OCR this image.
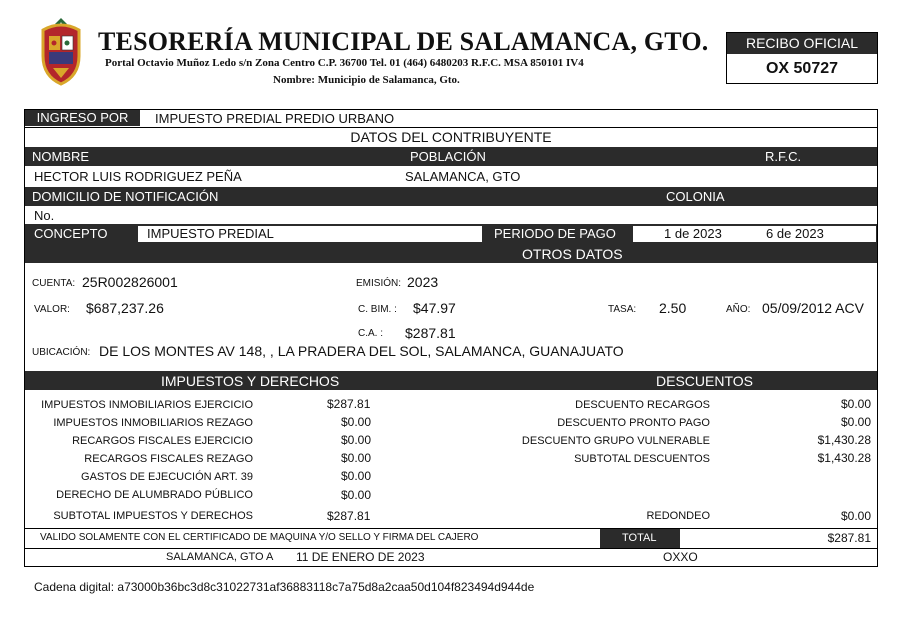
TESORERÍA MUNICIPAL DE SALAMANCA, GTO.
Portal Octavio Muñoz Ledo s/n Zona Centro C.P. 36700 Tel. 01 (464) 6480203 R.F.C. MSA 850101 IV4
Nombre: Municipio de Salamanca, Gto.
RECIBO OFICIAL
OX 50727
INGRESO POR	IMPUESTO PREDIAL PREDIO URBANO
DATOS DEL CONTRIBUYENTE
NOMBRE	POBLACIÓN	R.F.C.
HECTOR LUIS RODRIGUEZ PEÑA	SALAMANCA, GTO
DOMICILIO DE NOTIFICACIÓN	COLONIA
No.
CONCEPTO	IMPUESTO PREDIAL	PERIODO DE PAGO	1 de 2023	6 de 2023
OTROS DATOS
CUENTA: 25R002826001	EMISIÓN: 2023
VALOR: $687,237.26	C. BIM. : $47.97	TASA: 2.50	AÑO: 05/09/2012 ACV
C.A. : $287.81
UBICACIÓN: DE LOS MONTES AV 148, , LA PRADERA DEL SOL, SALAMANCA, GUANAJUATO
IMPUESTOS Y DERECHOS	DESCUENTOS
IMPUESTOS INMOBILIARIOS EJERCICIO	$287.81
IMPUESTOS INMOBILIARIOS REZAGO	$0.00
RECARGOS FISCALES EJERCICIO	$0.00
RECARGOS FISCALES REZAGO	$0.00
GASTOS DE EJECUCIÓN ART. 39	$0.00
DERECHO DE ALUMBRADO PÚBLICO	$0.00
SUBTOTAL IMPUESTOS Y DERECHOS	$287.81
DESCUENTO RECARGOS	$0.00
DESCUENTO PRONTO PAGO	$0.00
DESCUENTO GRUPO VULNERABLE	$1,430.28
SUBTOTAL DESCUENTOS	$1,430.28
REDONDEO	$0.00
VALIDO SOLAMENTE CON EL CERTIFICADO DE MAQUINA Y/O SELLO Y FIRMA DEL CAJERO	TOTAL	$287.81
SALAMANCA, GTO A 11 DE ENERO DE 2023	OXXO
Cadena digital: a73000b36bc3d8c31022731af36883118c7a75d8a2caa50d104f823494d944de
